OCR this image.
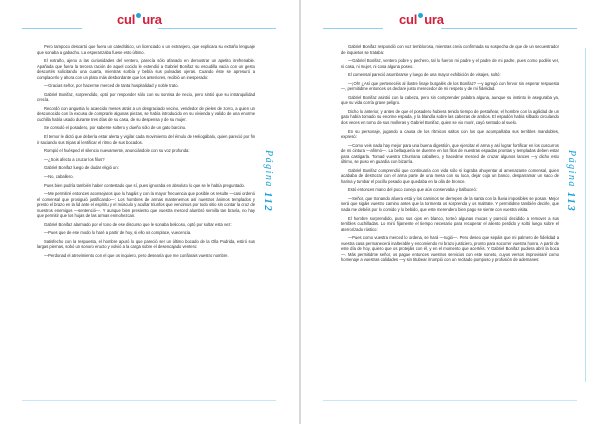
cul ura

Pero tampoco descartó que fuera un catedrático, un licenciado o un extranjero, que explicara su extraño lenguaje que sonaba a gabacho. La esperanzaba fuese esto último.

El extraño, ajeno a las curiosidades del ventero, parecía sólo afanado en demostrar un apetito irrefrenable. Apañada que fuera la tercera ración de aquel cocido le extendió a Gabriel Bonifaz su escudilla vacía con un gesto descortés solicitando una cuarta, mientras sorbía y bebía sus polvadas ojeras. Cuando éste se apresuró a complacerlo y ahora con un plato más desbordante que los anteriores, recibió un inesperado:

—Gracias señor, por hacerme merced de tanta hospitalidad y noble trato.

Gabriel Bonifaz, sorprendido, optó por responder sólo con su sonrisa de necio, pero sintió que su intranquilidad crecía.

Recordó con angustia lo acaecido meses atrás a un desgraciado vecino, vendedor de pieles de zorro, a quien un desconocido con la excusa de comprarle algunas piezas, se había introducido en su vivienda y valido de una enorme cuchilla había usado durante tres días de su casa, de su despensa y de su mujer.

Se consoló el posadero, por saberse soltero y dueño sólo de un gato barcino.

El temor le dictó que debería estar alerta y vigilar cada movimiento del émulo de Heliogábalo, quien pareció por fin ir saciando sus tripas al lentificar el ritmo de sus bocados.

Rompió el huésped el silencio nuevamente, anunciándole con su voz profunda:

—¿Sois afecto a cruzar los filos?

Gabriel Bonifaz luego de dudar eligió un:

—No, caballero.

Pues bien podría también haber contestado que sí, pues ignoraba en absoluto lo que se le había preguntado.

—Me permitiré entonces aconsejaros que lo hagáis y con la mayor frecuencia que posible os resulte —casi ordenó el comensal que prosiguió justificando—: Los hombres de armas mantenemos así nuestros ánimos templados y presto el brazo en la lid ante el espíritu y el músculo y acullar triunfos que vencimos por todo sitio sin contar la cruz de nuestros enemigos —sentenció—. Y aunque bien presiento que vuestra merced alumbró semilla tan bravía, no hay que permitir que los hojas de las armas enmohezcan.

Gabriel Bonifaz alarmado por el tono de ese discurso que le sonaba belicoso, optó por soltar esta vez:

—Pues que de ese modo lo haré a partir de hoy, si ello os complace, vuecencia.

Satisfecho con la respuesta, el hombre apuró lo que pareció ser un último bocado de la Olla Podrida, estiró sus largas piernas, sobó un sonoro eructo y volvió a la carga sobre el desencajado ventero:

—Perdonad el atrevimiento con el que os inquiero, pero desearía que me confiarais vuestro nombre.

Página 112
cul ura

Gabriel Bonifaz respondió con voz temblorosa, mientras creía confirmada su sospecha de que de un secuestrador de inquietos se trataba:

—Gabriel Bonifaz, ventero pobre y pechero, tal lo fueron mi padre y el padre de mi padre, pues como podéis ver, ni casa, ni mujer, ni cosa alguna poseo.

El comensal pareció asombrarse y luego de una mayor exhibición de visajes, soltó:

—¡Oh! ¿Así que pertenecéis al ilustre linaje burgalés de los Bonifaz? —y agregó con fervor sin esperar respuesta—, permitidme entonces os declare justo merecedor de mi respeto y de mi fidelidad.

Gabriel Bonifaz asintió con la cabeza, pero sin comprender palabra alguna, aunque su instinto le aseguraba ya, que su vida corría grave peligro.

Dicho lo anterior, y antes de que el posadero hubiera tenido tiempo de pestañear, el hombre con la agilidad de un gato había tomado su enorme espada, y la blandía sobre las cabezas de ambos. El espadón había silbado circulando dos veces en torno de sus molleras y Gabriel Bonifaz, quien se vio morir, cayó sentado al suelo.

En su personaje, jugando a causa de los rítmicos saltos con los que acompañaba sus terribles mandobles, expresó:

—Como veis nada hay mejor para una buena digestión, que ejercitar el arma y así lograr fortificar en los cuscurros de mi cintura —afirmó—. La bellaquería se duerme en los filos de nuestras espadas prontas y templadas deben estar para castigarla. Tomad vuestra Churriana caballero, y hacedme merced de cruzar algunos lances —y dicho esto último, se puso en guardia con bizarría.

Gabriel Bonifaz comprendió que continuaría con vida sólo si lograba ahuyentar al amenazante comensal, quien acababa de destrozar con el arma parte de una mesa con su loca, dejar coja un banco, desparramar un saco de harina y tumbar el pocillo pesado que quedaba en la olla de bronce.

Estó entonces mano del poco conejo que aún conservaba y balbuceó:

—Señor, que tronando afuera está y los caminos se derrepen de la santa con la lluvia imposibles se posan. Mejor será que sigáis vuestro camino antes que la tormenta os sorprenda y os maltrate. Y permitidme también decirle, que nada me debéis por lo comido y lo bebido, que este merendero bien pago se siente con vuestra visita.

El hombre sorprendido, puso sus ojos en blanco, torteó algunas mucas y pareció decidido a remover a sus terribles cuchilladas. Lo miró fijamente el tiempo necesario para recuperar el aliento perdido y soltó luego sobre el aterrorizado rústico:

—Pues como vuestra merced lo ordena, se hará —rugió—. Pero deseo que sepáis que mi palmero de fidelidad a vuestra casa permanecerá inalterable y encomiendo mi brazo justiciero, pronto para socorrer vuestra honra. A partir de este día de hoy, quiero que os protejáis con él, y en el momento que acertéis. Y Gabriel Bonifaz pudiera abrir la boca—. Más permitidme señor, os pague entonces vuestros servicios con este soneto, cuyos versos improvisaré como homenaje a vuestras calidades —y sin titubear irrumpió con un recitado pomposo y profusión de ademanes:

Página 113
